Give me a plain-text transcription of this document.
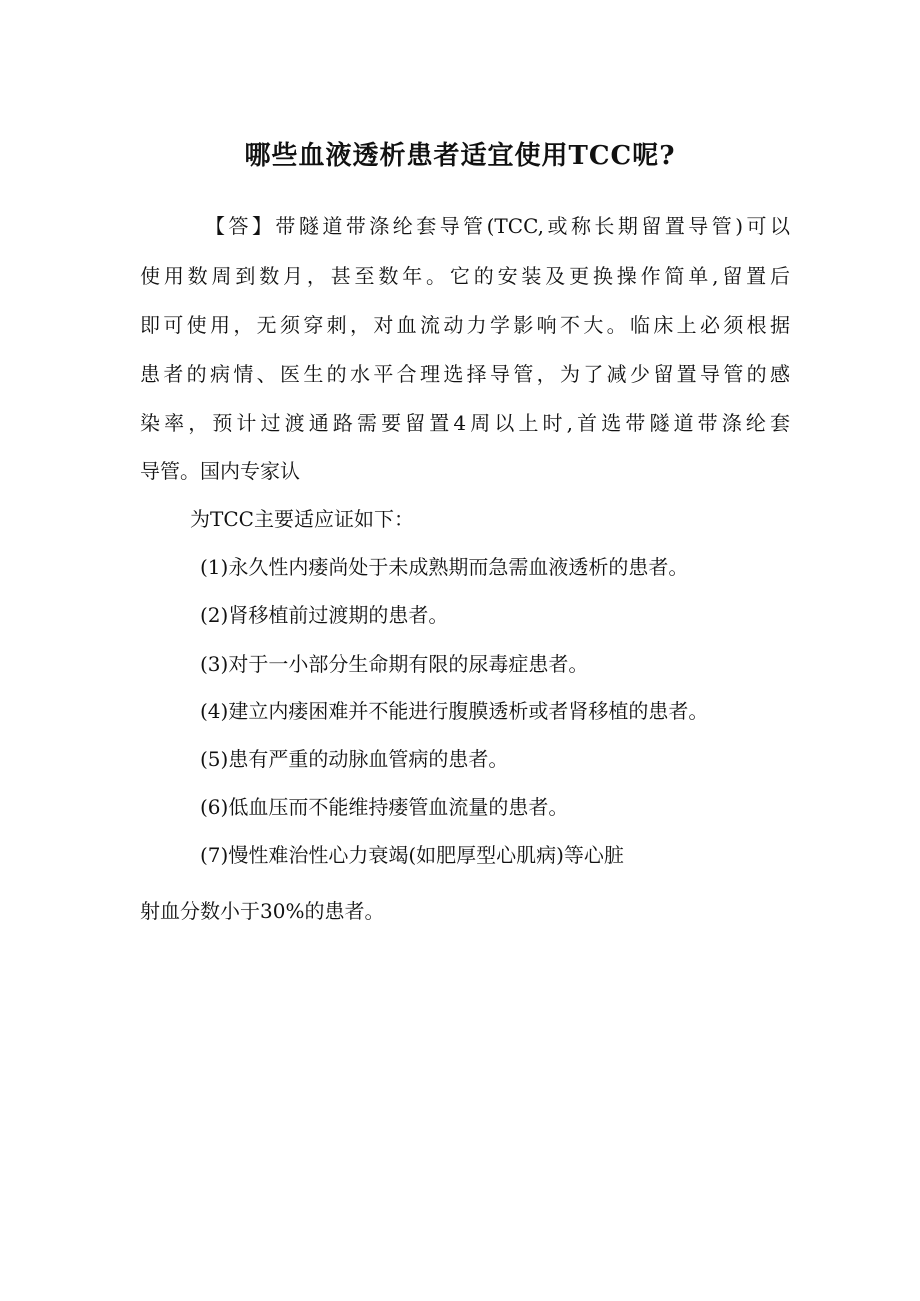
哪些血液透析患者适宜使用TCC呢?
【答】带隧道带涤纶套导管(TCC,或称长期留置导管)可以
使用数周到数月，甚至数年。它的安装及更换操作简单,留置后
即可使用，无须穿刺，对血流动力学影响不大。临床上必须根据
患者的病情、医生的水平合理选择导管，为了减少留置导管的感
染率，预计过渡通路需要留置4周以上时,首选带隧道带涤纶套
导管。国内专家认
为TCC主要适应证如下：
(1)永久性内瘘尚处于未成熟期而急需血液透析的患者。
(2)肾移植前过渡期的患者。
(3)对于一小部分生命期有限的尿毒症患者。
(4)建立内瘘困难并不能进行腹膜透析或者肾移植的患者。
(5)患有严重的动脉血管病的患者。
(6)低血压而不能维持瘘管血流量的患者。
(7)慢性难治性心力衰竭(如肥厚型心肌病)等心脏
射血分数小于30%的患者。
